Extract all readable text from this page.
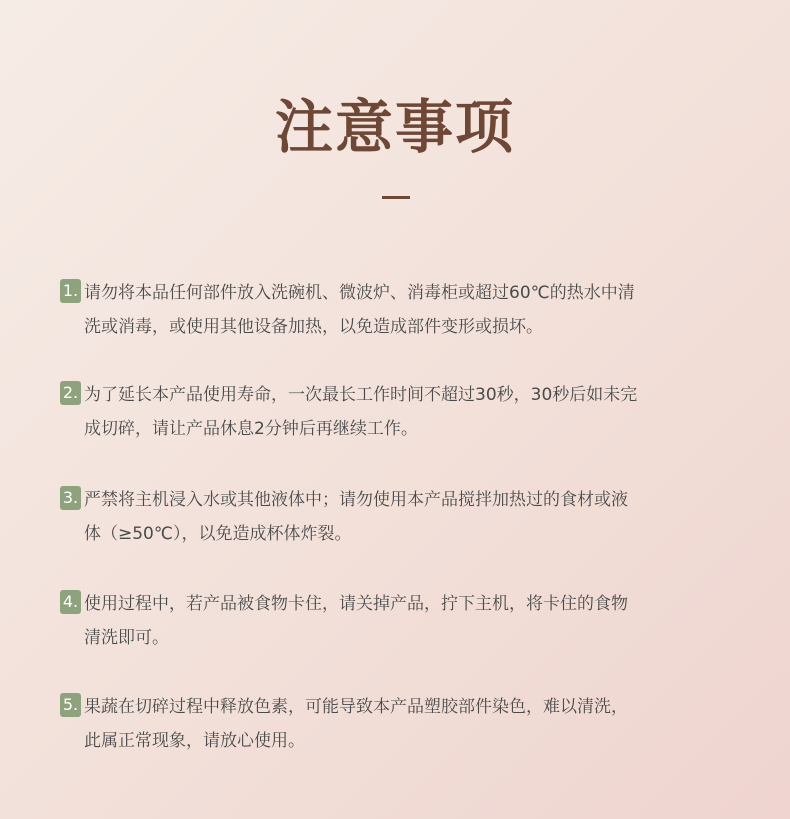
注意事项
1. 请勿将本品任何部件放入洗碗机、微波炉、消毒柜或超过60℃的热水中清
洗或消毒，或使用其他设备加热，以免造成部件变形或损坏。

2. 为了延长本产品使用寿命，一次最长工作时间不超过30秒，30秒后如未完
成切碎，请让产品休息2分钟后再继续工作。

3. 严禁将主机浸入水或其他液体中；请勿使用本产品搅拌加热过的食材或液
体（≥50℃），以免造成杯体炸裂。

4. 使用过程中，若产品被食物卡住，请关掉产品，拧下主机，将卡住的食物
清洗即可。

5. 果蔬在切碎过程中释放色素，可能导致本产品塑胶部件染色，难以清洗，
此属正常现象，请放心使用。
